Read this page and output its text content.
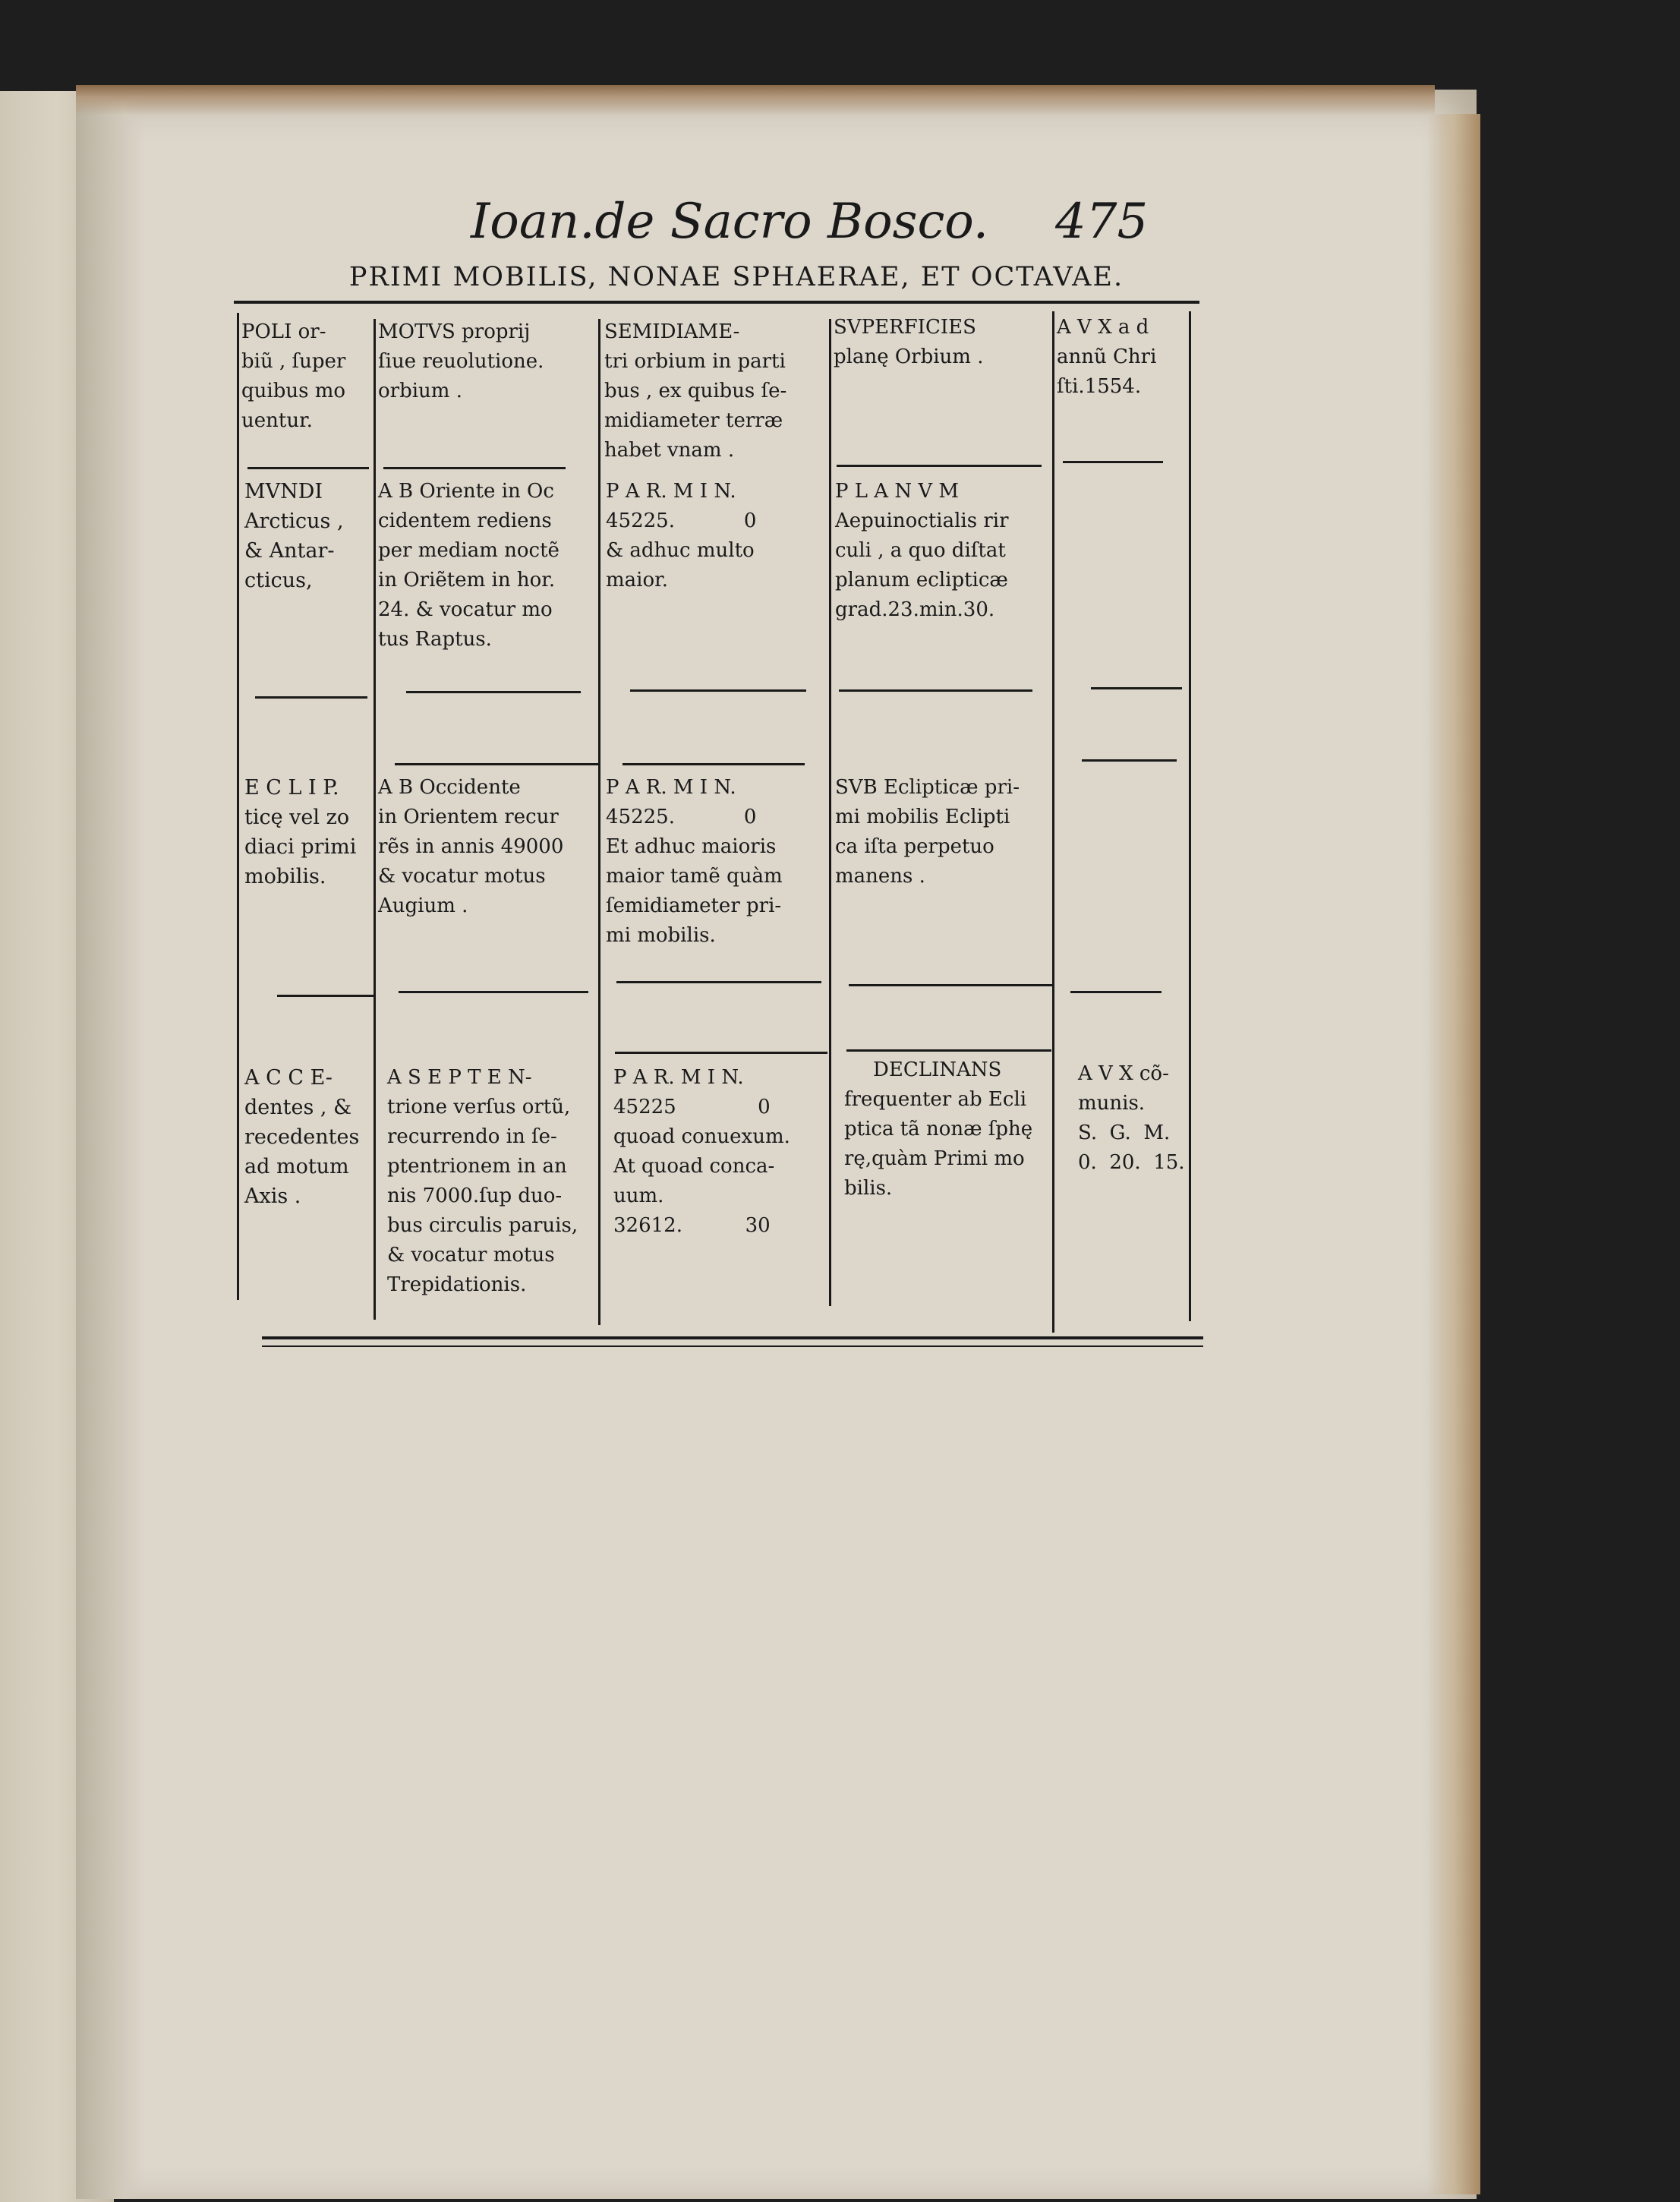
Ioan.de Sacro Bosco. 475
PRIMI MOBILIS, NONAE SPHAERAE, ET OCTAVAE.
POLI or-
biũ , ſuper
quibus mo
uentur.
MOTVS proprij
ſiue reuolutione.
orbium .
SEMIDIAME-
tri orbium in parti
bus , ex quibus ſe-
midiameter terræ
habet vnam .
SVPERFICIES
planę Orbium .
A V X a d
annũ Chri
ſti.1554.
MVNDI
Arcticus ,
& Antar-
cticus,
A B Oriente in Oc
cidentem rediens
per mediam noctẽ
in Oriẽtem in hor.
24. & vocatur mo
tus Raptus.
P A R. M I N.
45225.           0
& adhuc multo
maior.
P L A N V M
Aepuinoctialis rir
culi , a quo diſtat
planum eclipticæ
grad.23.min.30.
E C L I P.
ticę vel zo
diaci primi
mobilis.
A B Occidente
in Orientem recur
rẽs in annis 49000
& vocatur motus
Augium .
P A R. M I N.
45225.           0
Et adhuc maioris
maior tamẽ quàm
ſemidiameter pri-
mi mobilis.
SVB Eclipticæ pri-
mi mobilis Eclipti
ca iſta perpetuo
manens .
A C C E-
dentes , &
recedentes
ad motum
Axis .
A S E P T E N-
trione verſus ortũ,
recurrendo in ſe-
ptentrionem in an
nis 7000.ſup duo-
bus circulis paruis,
& vocatur motus
Trepidationis.
P A R. M I N.
45225             0
quoad conuexum.
At quoad conca-
uum.
32612.          30
DECLINANS
frequenter ab Ecli
ptica tã nonæ ſphę
rę,quàm Primi mo
bilis.
A V X cõ-
munis.
S.  G.  M.
0.  20.  15.
